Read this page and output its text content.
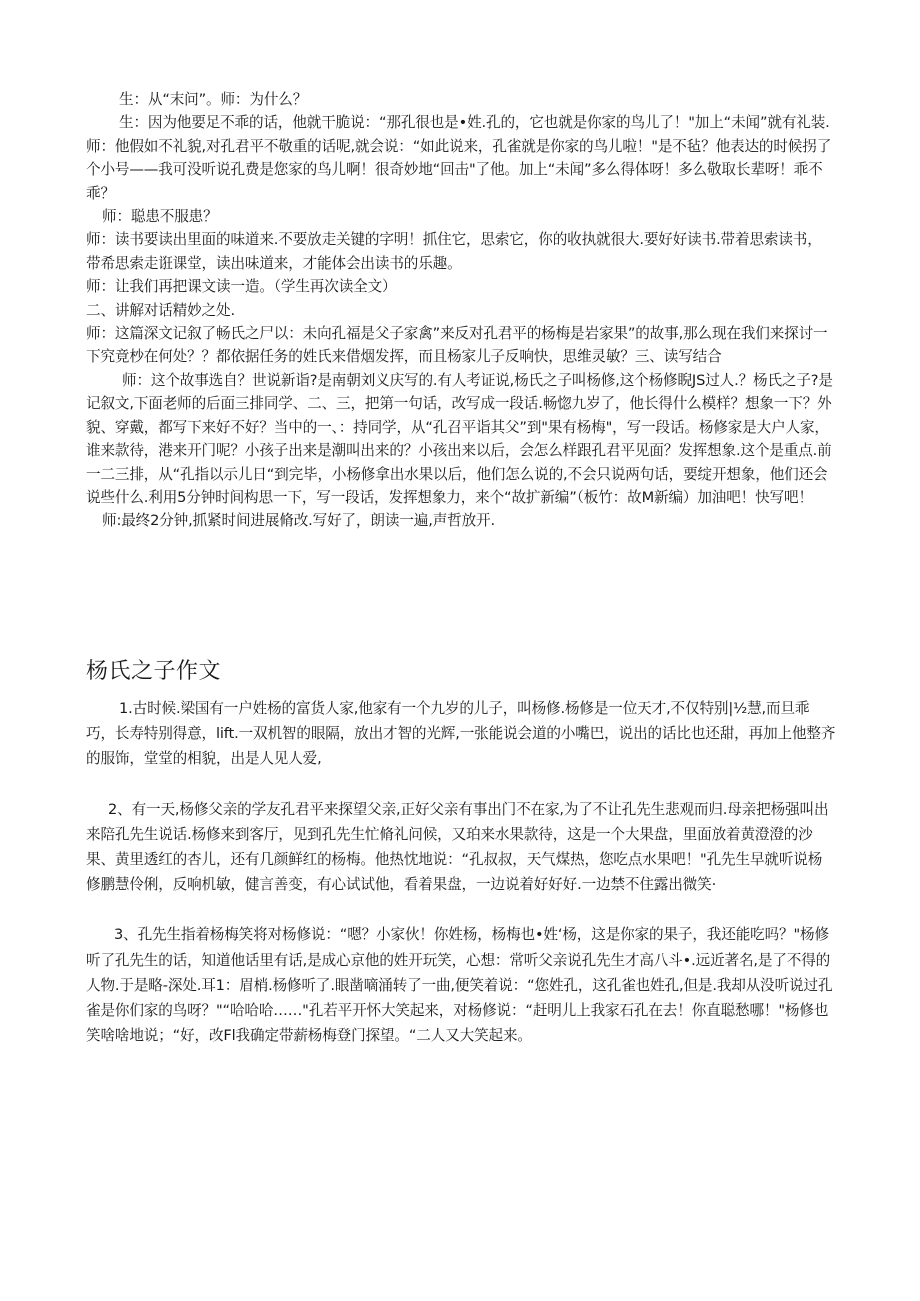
生：从“末问”。师：为什么？

生：因为他要足不乖的话，他就干脆说：“那孔很也是•姓.孔的，它也就是你家的鸟儿了！"加上“未闻”就有礼装.

师：他假如不礼貌,对孔君平不敬重的话呢,就会说：“如此说来，孔雀就是你家的鸟儿啦！"是不毡？他表达的时候拐了个小号——我可没听说孔费是您家的鸟儿啊！很奇妙地“回击"了他。加上“未闻”多么得体呀！多么敬取长辈呀！乖不乖？

师：聪患不服患？

师：读书要读出里面的味道来.不要放走关键的字明！抓住它，思索它，你的收执就很大.要好好读书.带着思索读书，带希思索走诳课堂，读出味道来，才能体会出读书的乐趣。

师：让我们再把课文读一造。（学生再次读全文）

二、讲解对话精妙之处.

师：这篇深文记叙了畅氏之尸以：未向孔福是父子家禽”来反对孔君平的杨梅是岩家果”的故事,那么现在我们来探讨一下究竟杪在何处？？都依据任务的姓氏来借烟发挥，而且杨家儿子反响快，思维灵敏？三、读写结合

师：这个故事选自？世说新诣?是南朝刘义庆写的.有人考证说,杨氏之子叫杨修,这个杨修睨JS过人.？杨氏之子?是记叙文,下面老师的后面三排同学、二、三，把第一句话，改写成一段话.畅惚九岁了，他长得什么模样？想象一下？外貌、穿戴，都写下来好不好？当中的一、：持同学，从“孔召平诣其父”到"果有杨梅"，写一段话。杨修家是大户人家，谁来款待，港来开门呢？小孩子出来是潮叫出来的？小孩出来以后，会怎么样跟孔君平见面？发挥想象.这个是重点.前一二三排，从“孔指以示儿日“到完毕，小杨修拿出水果以后，他们怎么说的,不会只说两句话，要绽开想象，他们还会说些什么.利用5分钟时间构思一下，写一段话，发挥想象力，来个“故扩新编”（板竹：故M新编）加油吧！快写吧！

师:最终2分钟,抓紧时间进展脩改.写好了，朗读一遍,声哲放开.

杨氏之子作文

1.古时候.梁国有一户姓杨的富货人家,他家有一个九岁的儿子，叫杨修.杨修是一位天才,不仅特别|½慧,而旦乖巧，长寿特别得意，lift.一双机智的眼隔，放出才智的光辉,一张能说会道的小嘴巴，说出的话比也还甜，再加上他整齐的服饰，堂堂的相貌，出是人见人爱,

2、有一天,杨修父亲的学友孔君平来探望父亲,正好父亲有事出门不在家,为了不让孔先生悲观而归.母亲把杨强叫出来陪孔先生说话.杨修来到客厅，见到孔先生忙脩礼问候，又珀来水果款待，这是一个大果盘，里面放着黄澄澄的沙果、黄里透红的杏儿，还有几颜鲜红的杨梅。他热忱地说：“孔叔叔，天气煤热，您吃点水果吧！"孔先生早就听说杨修鹏慧伶俐，反响机敏，健言善变，有心试试他，看着果盘，一边说着好好好.一边禁不住露出微笑·

3、孔先生指着杨梅笑将对杨修说：“嗯？小家伙！你姓杨，杨梅也•姓‘杨，这是你家的果子，我还能吃吗？"杨修听了孔先生的话，知道他话里有话,是成心京他的姓开玩笑，心想：常听父亲说孔先生才高八斗•.远近著名,是了不得的人物.于是略-深处.耳1：眉梢.杨修听了.眼凿嘀涌转了一曲,便笑着说：“您姓孔，这孔雀也姓孔,但是.我却从没听说过孔雀是你们家的鸟呀？"“哈哈哈……"孔若平开怀大笑起来，对杨修说：“赶明儿上我家石孔在去！你直聪愁哪！"杨修也笑啥啥地说；“好，改Fl我确定带薪杨梅登门探望。“二人又大笑起来。
